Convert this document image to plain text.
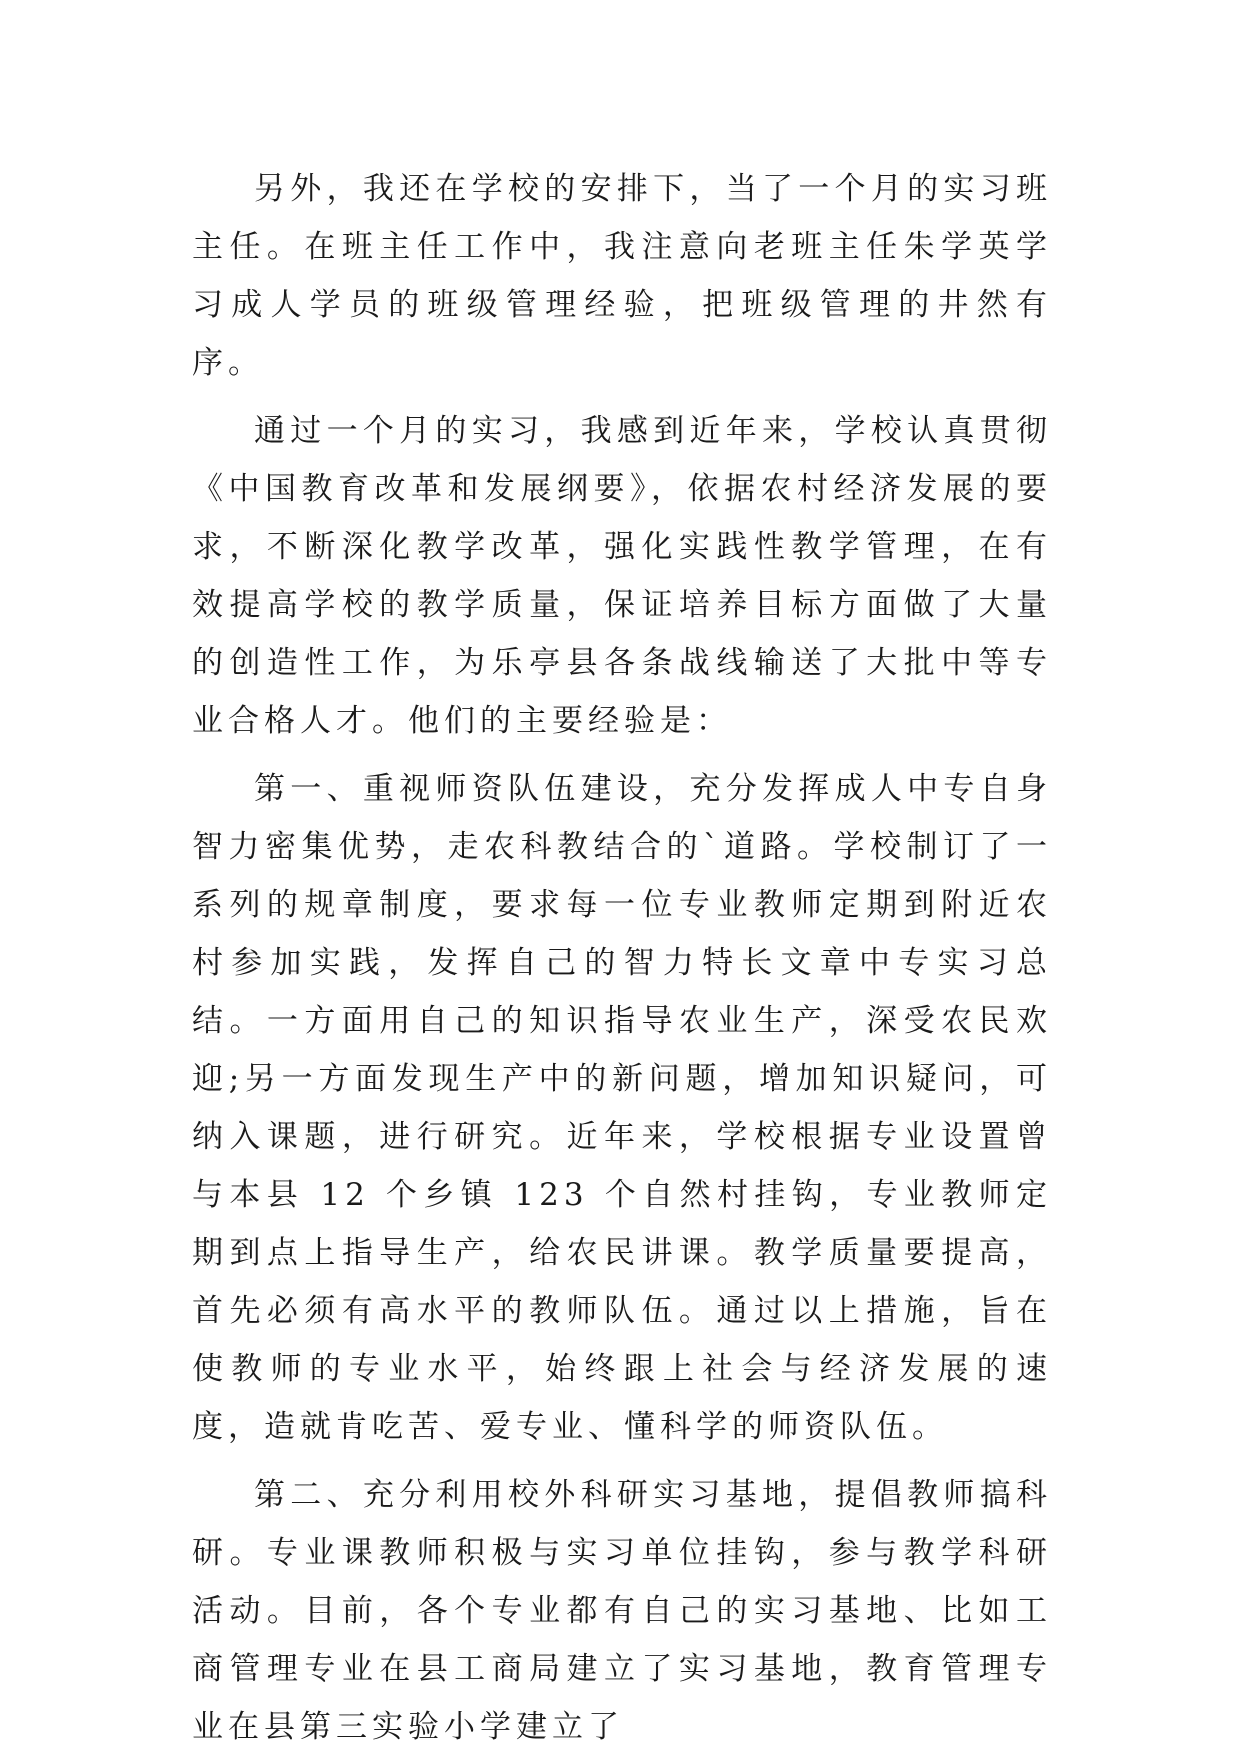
另外，我还在学校的安排下，当了一个月的实习班主任。在班主任工作中，我注意向老班主任朱学英学习成人学员的班级管理经验，把班级管理的井然有序。

通过一个月的实习，我感到近年来，学校认真贯彻《中国教育改革和发展纲要》，依据农村经济发展的要求，不断深化教学改革，强化实践性教学管理，在有效提高学校的教学质量，保证培养目标方面做了大量的创造性工作，为乐亭县各条战线输送了大批中等专业合格人才。他们的主要经验是：

第一、重视师资队伍建设，充分发挥成人中专自身智力密集优势，走农科教结合的`道路。学校制订了一系列的规章制度，要求每一位专业教师定期到附近农村参加实践，发挥自己的智力特长文章中专实习总结。一方面用自己的知识指导农业生产，深受农民欢迎;另一方面发现生产中的新问题，增加知识疑问，可纳入课题，进行研究。近年来，学校根据专业设置曾与本县 12 个乡镇 123 个自然村挂钩，专业教师定期到点上指导生产，给农民讲课。教学质量要提高，首先必须有高水平的教师队伍。通过以上措施，旨在使教师的专业水平，始终跟上社会与经济发展的速度，造就肯吃苦、爱专业、懂科学的师资队伍。

第二、充分利用校外科研实习基地，提倡教师搞科研。专业课教师积极与实习单位挂钩，参与教学科研活动。目前，各个专业都有自己的实习基地、比如工商管理专业在县工商局建立了实习基地，教育管理专业在县第三实验小学建立了
